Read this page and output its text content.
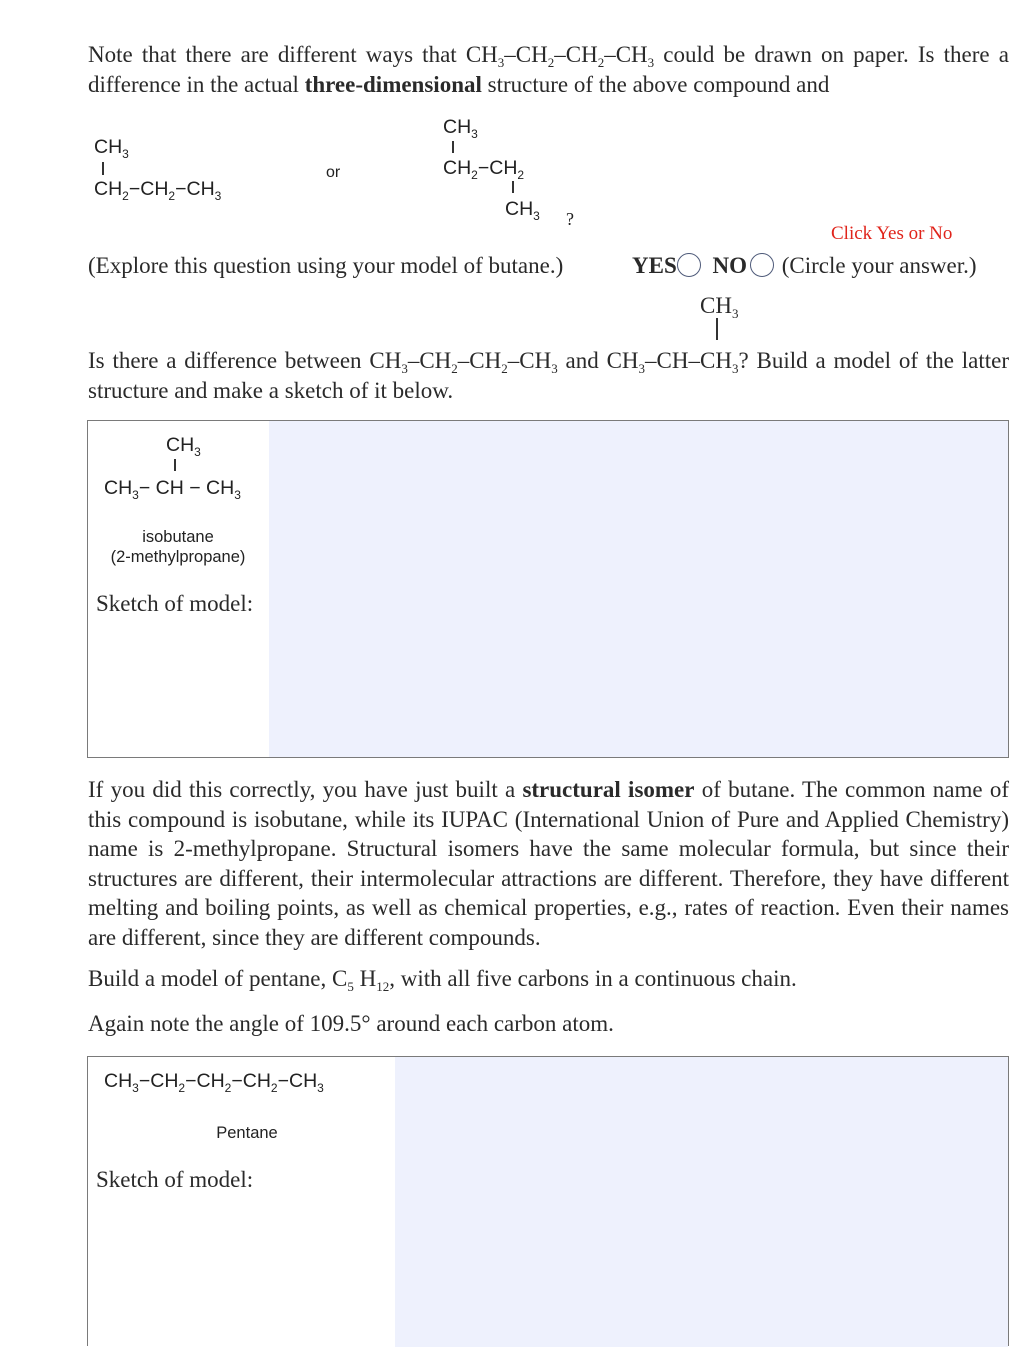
Note that there are different ways that $CH_3-CH_2-CH_2-CH_3$ could be drawn on paper. Is there a difference in the actual three-dimensional structure of the above compound and
$CH_3$
$CH_2-CH_2-CH_3$
or
$CH_3$
$CH_2-CH_2$
$CH_3$ ?
Click Yes or No
(Explore this question using your model of butane.)	YES NO (Circle your answer.)
$CH_3$
Is there a difference between $CH_3-CH_2-CH_2-CH_3$ and $CH_3-CH-CH_3$? Build a model of the latter structure and make a sketch of it below.
$CH_3$
$CH_3-$ CH − $CH_3$
isobutane
(2-methylpropane)
Sketch of model:
If you did this correctly, you have just built a structural isomer of butane. The common name of this compound is isobutane, while its IUPAC (International Union of Pure and Applied Chemistry) name is 2-methylpropane. Structural isomers have the same molecular formula, but since their structures are different, their intermolecular attractions are different. Therefore, they have different melting and boiling points, as well as chemical properties, e.g., rates of reaction. Even their names are different, since they are different compounds.
Build a model of pentane, $C_5$ $H_{12}$, with all five carbons in a continuous chain.
Again note the angle of 109.5° around each carbon atom.
$CH_3-CH_2-CH_2-CH_2-CH_3$
Pentane
Sketch of model:
